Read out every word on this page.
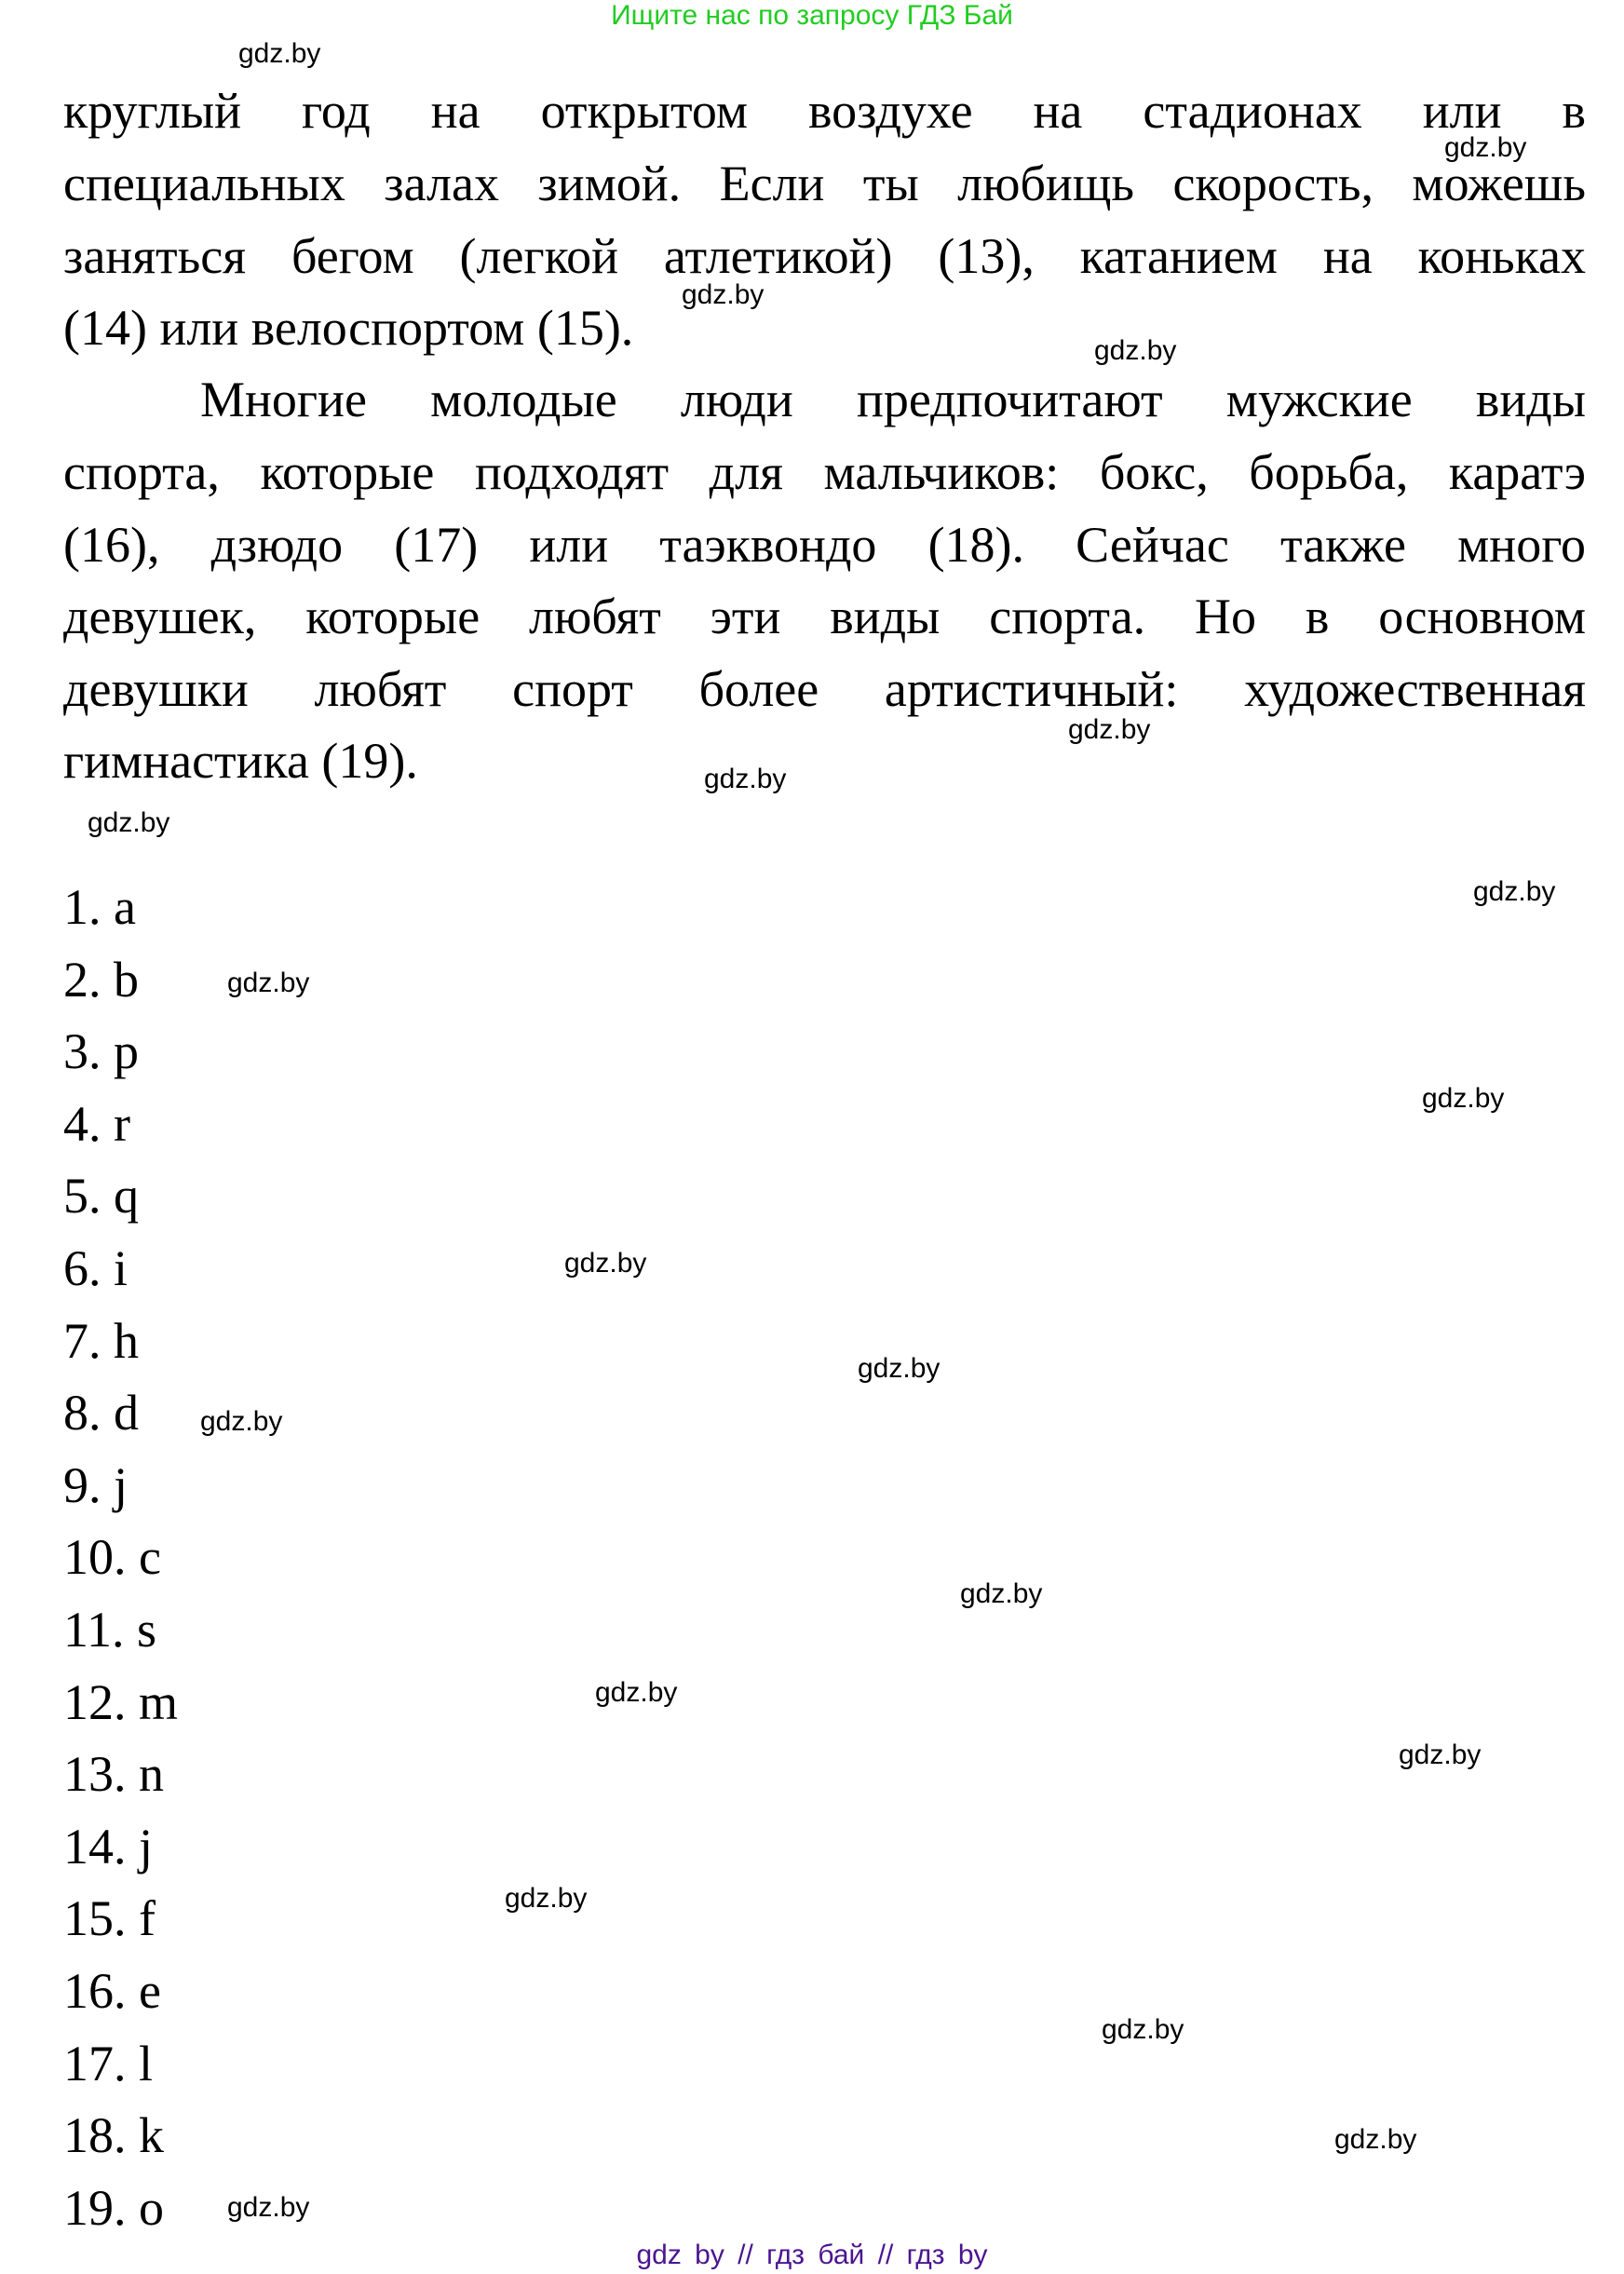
Ищите нас по запросу ГДЗ Бай
круглый год на открытом воздухе на стадионах или в
специальных залах зимой. Если ты любищь скорость, можешь
заняться бегом (легкой атлетикой) (13), катанием на коньках
(14) или велоспортом (15).
Многие молодые люди предпочитают мужские виды
спорта, которые подходят для мальчиков: бокс, борьба, каратэ
(16), дзюдо (17) или таэквондо (18). Сейчас также много
девушек, которые любят эти виды спорта. Но в основном
девушки любят спорт более артистичный: художественная
гимнастика (19).
1. a
2. b
3. p
4. r
5. q
6. i
7. h
8. d
9. j
10. c
11. s
12. m
13. n
14. j
15. f
16. e
17. l
18. k
19. o
gdz.by
gdz.by
gdz.by
gdz.by
gdz.by
gdz.by
gdz.by
gdz.by
gdz.by
gdz.by
gdz.by
gdz.by
gdz.by
gdz.by
gdz.by
gdz.by
gdz.by
gdz.by
gdz.by
gdz.by
gdz by // гдз бай // гдз by
